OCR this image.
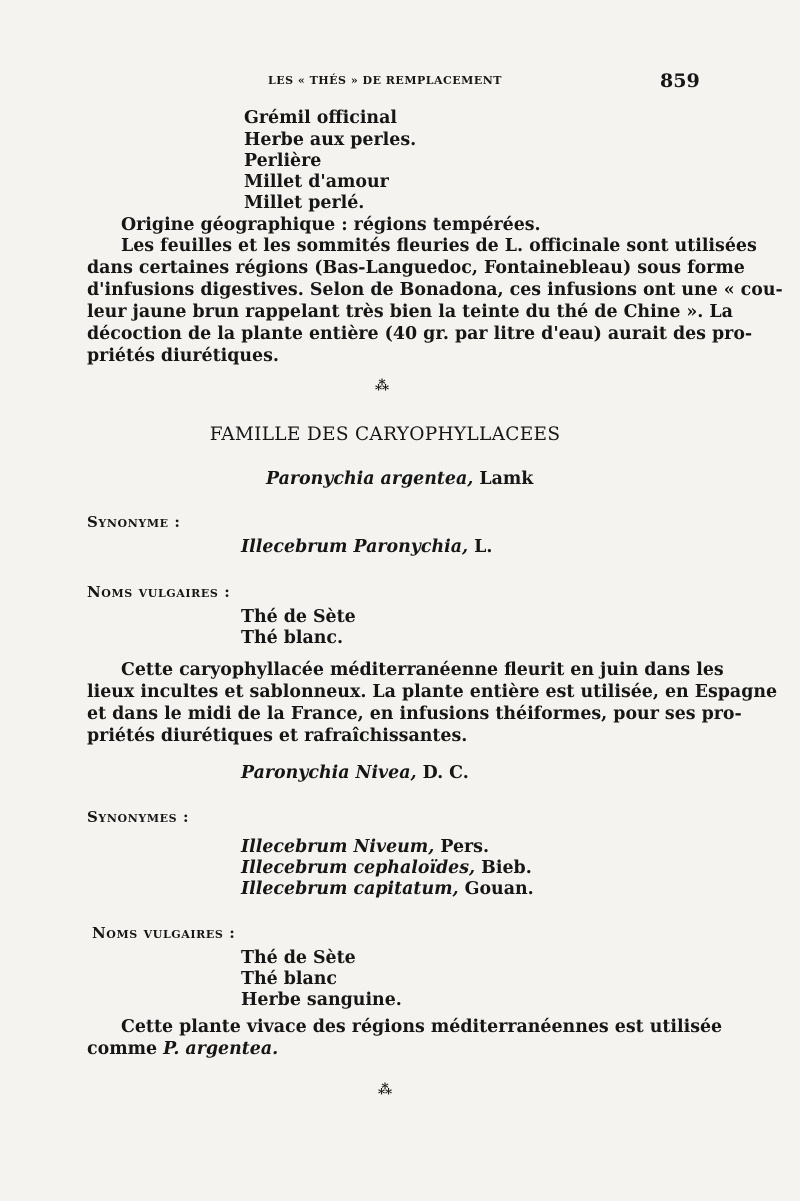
LES « THÉS » DE REMPLACEMENT	859
Grémil officinal
Herbe aux perles.
Perlière
Millet d'amour
Millet perlé.
Origine géographique : régions tempérées.
Les feuilles et les sommités fleuries de L. officinale sont utilisées
dans certaines régions (Bas-Languedoc, Fontainebleau) sous forme
d'infusions digestives. Selon de Bonadona, ces infusions ont une « cou-
leur jaune brun rappelant très bien la teinte du thé de Chine ». La
décoction de la plante entière (40 gr. par litre d'eau) aurait des pro-
priétés diurétiques.
⁂
FAMILLE DES CARYOPHYLLACEES
Paronychia argentea, Lamk
Synonyme :
Illecebrum Paronychia, L.
Noms vulgaires :
Thé de Sète
Thé blanc.
Cette caryophyllacée méditerranéenne fleurit en juin dans les
lieux incultes et sablonneux. La plante entière est utilisée, en Espagne
et dans le midi de la France, en infusions théiformes, pour ses pro-
priétés diurétiques et rafraîchissantes.
Paronychia Nivea, D. C.
Synonymes :
Illecebrum Niveum, Pers.
Illecebrum cephaloïdes, Bieb.
Illecebrum capitatum, Gouan.
Noms vulgaires :
Thé de Sète
Thé blanc
Herbe sanguine.
Cette plante vivace des régions méditerranéennes est utilisée
comme P. argentea.
⁂
